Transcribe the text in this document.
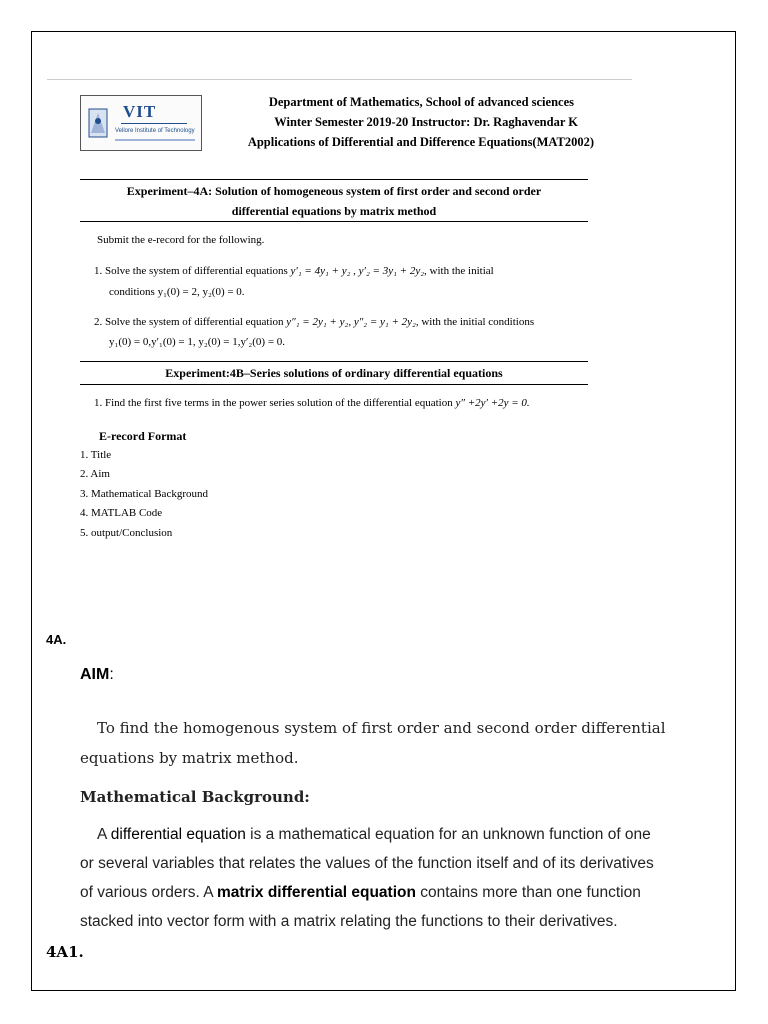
VIT
Vellore Institute of Technology
Department of Mathematics, School of advanced sciences
Winter Semester 2019-20 Instructor: Dr. Raghavendar K
Applications of Differential and Difference Equations(MAT2002)
Experiment–4A: Solution of homogeneous system of first order and second order
differential equations by matrix method
Submit the e-record for the following.
1. Solve the system of differential equations y′₁ = 4y₁ + y₂ , y′₂ = 3y₁ + 2y₂, with the initial
conditions y₁(0) = 2, y₂(0) = 0.
2. Solve the system of differential equation y″₁ = 2y₁ + y₂, y″₂ = y₁ + 2y₂, with the initial conditions
y₁(0) = 0,y′₁(0) = 1, y₂(0) = 1,y′₂(0) = 0.
Experiment:4B–Series solutions of ordinary differential equations
1. Find the first five terms in the power series solution of the differential equation y″ +2y′ +2y = 0.
E-record Format
1. Title
2. Aim
3. Mathematical Background
4. MATLAB Code
5. output/Conclusion
4A.
AIM:
To find the homogenous system of first order and second order differential
equations by matrix method.
Mathematical Background:
A differential equation is a mathematical equation for an unknown function of one
or several variables that relates the values of the function itself and of its derivatives
of various orders. A matrix differential equation contains more than one function
stacked into vector form with a matrix relating the functions to their derivatives.
4A1.
